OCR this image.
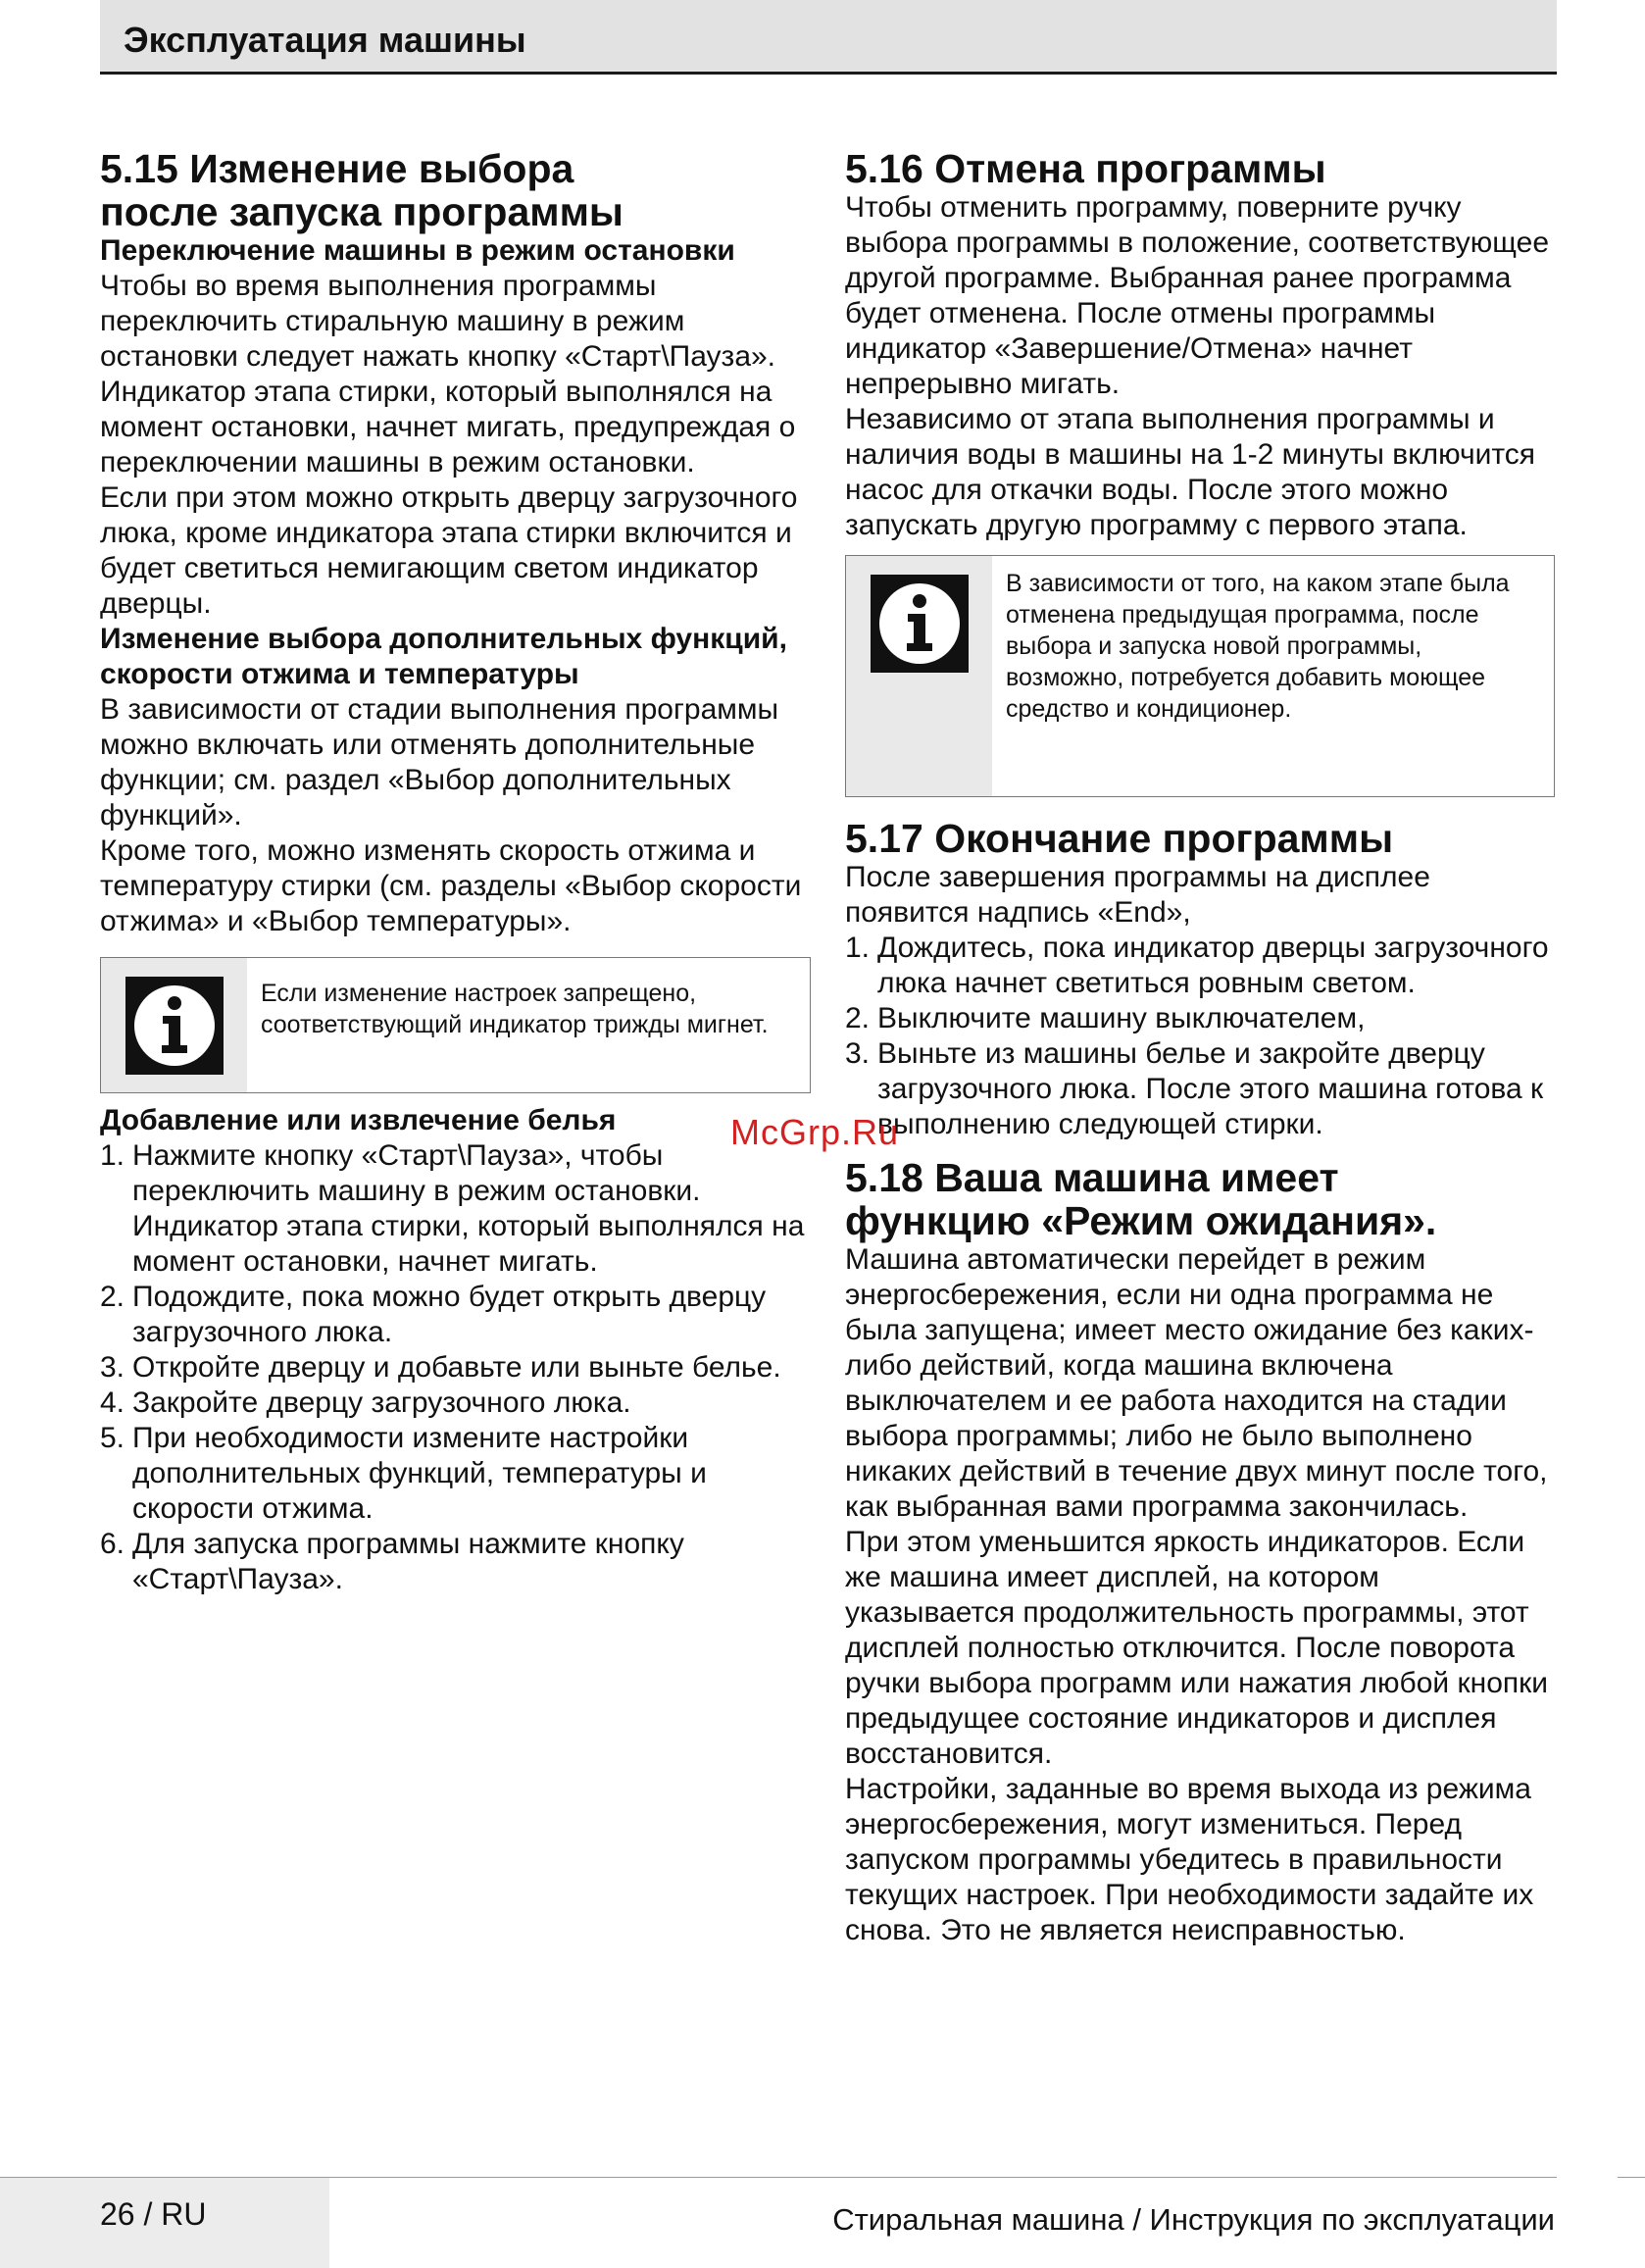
Эксплуатация машины
5.15 Изменение выбора
после запуска программы
Переключение машины в режим остановки

Чтобы во время выполнения программы переключить стиральную машину в режим остановки следует нажать кнопку «Старт\Пауза». Индикатор этапа стирки, который выполнялся на момент остановки, начнет мигать, предупреждая о переключении машины в режим остановки.

Если при этом можно открыть дверцу загрузочного люка, кроме индикатора этапа стирки включится и будет светиться немигающим светом индикатор дверцы.

Изменение выбора дополнительных функций, скорости отжима и температуры

В зависимости от стадии выполнения программы можно включать или отменять дополнительные функции; см. раздел «Выбор дополнительных функций».

Кроме того, можно изменять скорость отжима и температуру стирки (см. разделы «Выбор скорости отжима» и «Выбор температуры».

Если изменение настроек запрещено, соответствующий индикатор трижды мигнет.
Добавление или извлечение белья
1. Нажмите кнопку «Старт\Пауза», чтобы переключить машину в режим остановки. Индикатор этапа стирки, который выполнялся на момент остановки, начнет мигать.
2. Подождите, пока можно будет открыть дверцу загрузочного люка.
3. Откройте дверцу и добавьте или выньте белье.
4. Закройте дверцу загрузочного люка.
5. При необходимости измените настройки дополнительных функций, температуры и скорости отжима.
6. Для запуска программы нажмите кнопку «Старт\Пауза».
5.16 Отмена программы

Чтобы отменить программу, поверните ручку выбора программы в положение, соответствующее другой программе. Выбранная ранее программа будет отменена. После отмены программы индикатор «Завершение/Отмена» начнет непрерывно мигать.

Независимо от этапа выполнения программы и наличия воды в машины на 1-2 минуты включится насос для откачки воды. После этого можно запускать другую программу с первого этапа.

В зависимости от того, на каком этапе была отменена предыдущая программа, после выбора и запуска новой программы, возможно, потребуется добавить моющее средство и кондиционер.
5.17 Окончание программы

После завершения программы на дисплее появится надпись «End»,

1. Дождитесь, пока индикатор дверцы загрузочного люка начнет светиться ровным светом.
2. Выключите машину выключателем,
3. Выньте из машины белье и закройте дверцу загрузочного люка. После этого машина готова к выполнению следующей стирки.
5.18 Ваша машина имеет
функцию «Режим ожидания».

Машина автоматически перейдет в режим энергосбережения, если ни одна программа не была запущена; имеет место ожидание без каких-либо действий, когда машина включена выключателем и ее работа находится на стадии выбора программы; либо не было выполнено никаких действий в течение двух минут после того, как выбранная вами программа закончилась.

При этом уменьшится яркость индикаторов. Если же машина имеет дисплей, на котором указывается продолжительность программы, этот дисплей полностью отключится. После поворота ручки выбора программ или нажатия любой кнопки предыдущее состояние индикаторов и дисплея восстановится.

Настройки, заданные во время выхода из режима энергосбережения, могут измениться. Перед запуском программы убедитесь в правильности текущих настроек. При необходимости задайте их снова. Это не является неисправностью.

McGrp.Ru
26 / RU	Стиральная машина / Инструкция по эксплуатации
